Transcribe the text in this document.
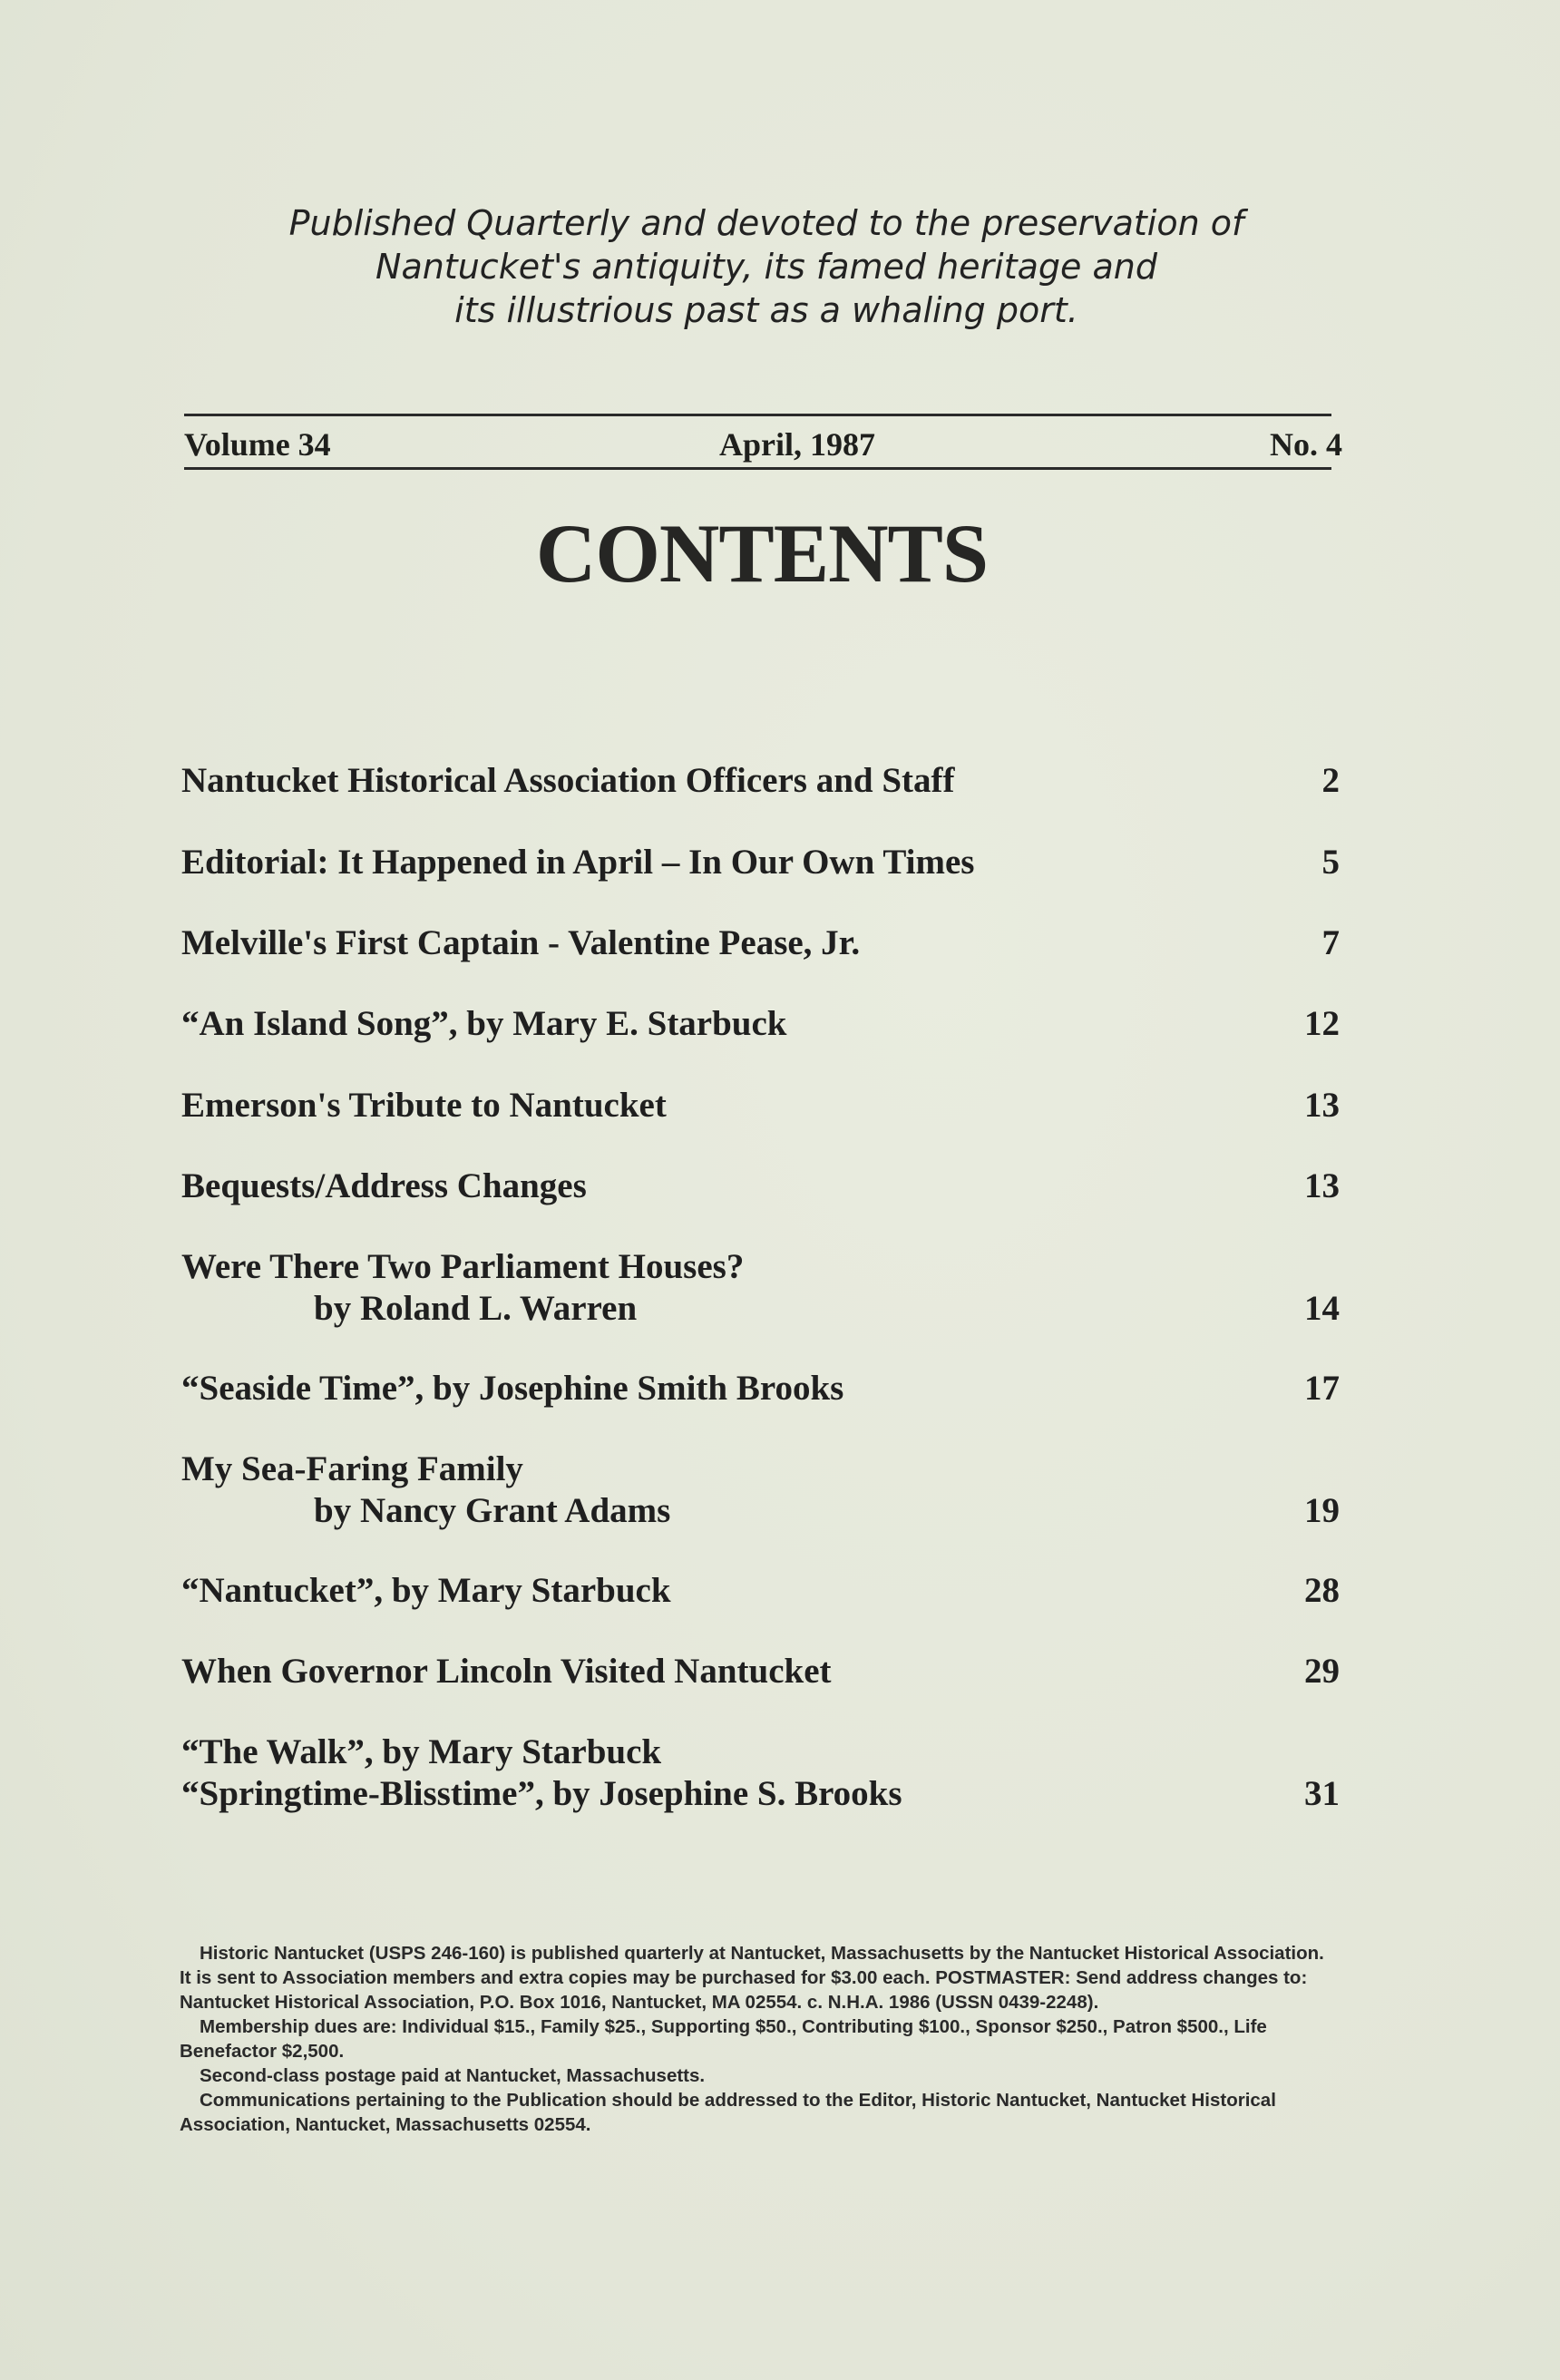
Published Quarterly and devoted to the preservation of
Nantucket's antiquity, its famed heritage and
its illustrious past as a whaling port.
Volume 34	April, 1987	No. 4
CONTENTS
Nantucket Historical Association Officers and Staff	2
Editorial: It Happened in April – In Our Own Times	5
Melville's First Captain - Valentine Pease, Jr.	7
“An Island Song”, by Mary E. Starbuck	12
Emerson's Tribute to Nantucket	13
Bequests/Address Changes	13
Were There Two Parliament Houses?
by Roland L. Warren	14
“Seaside Time”, by Josephine Smith Brooks	17
My Sea-Faring Family
by Nancy Grant Adams	19
“Nantucket”, by Mary Starbuck	28
When Governor Lincoln Visited Nantucket	29
“The Walk”, by Mary Starbuck
“Springtime-Blisstime”, by Josephine S. Brooks	31

Historic Nantucket (USPS 246-160) is published quarterly at Nantucket, Massachusetts by the Nantucket Historical Association. It is sent to Association members and extra copies may be purchased for $3.00 each. POSTMASTER: Send address changes to: Nantucket Historical Association, P.O. Box 1016, Nantucket, MA 02554. c. N.H.A. 1986 (USSN 0439-2248).

Membership dues are: Individual $15., Family $25., Supporting $50., Contributing $100., Sponsor $250., Patron $500., Life Benefactor $2,500.

Second-class postage paid at Nantucket, Massachusetts.

Communications pertaining to the Publication should be addressed to the Editor, Historic Nantucket, Nantucket Historical Association, Nantucket, Massachusetts 02554.
